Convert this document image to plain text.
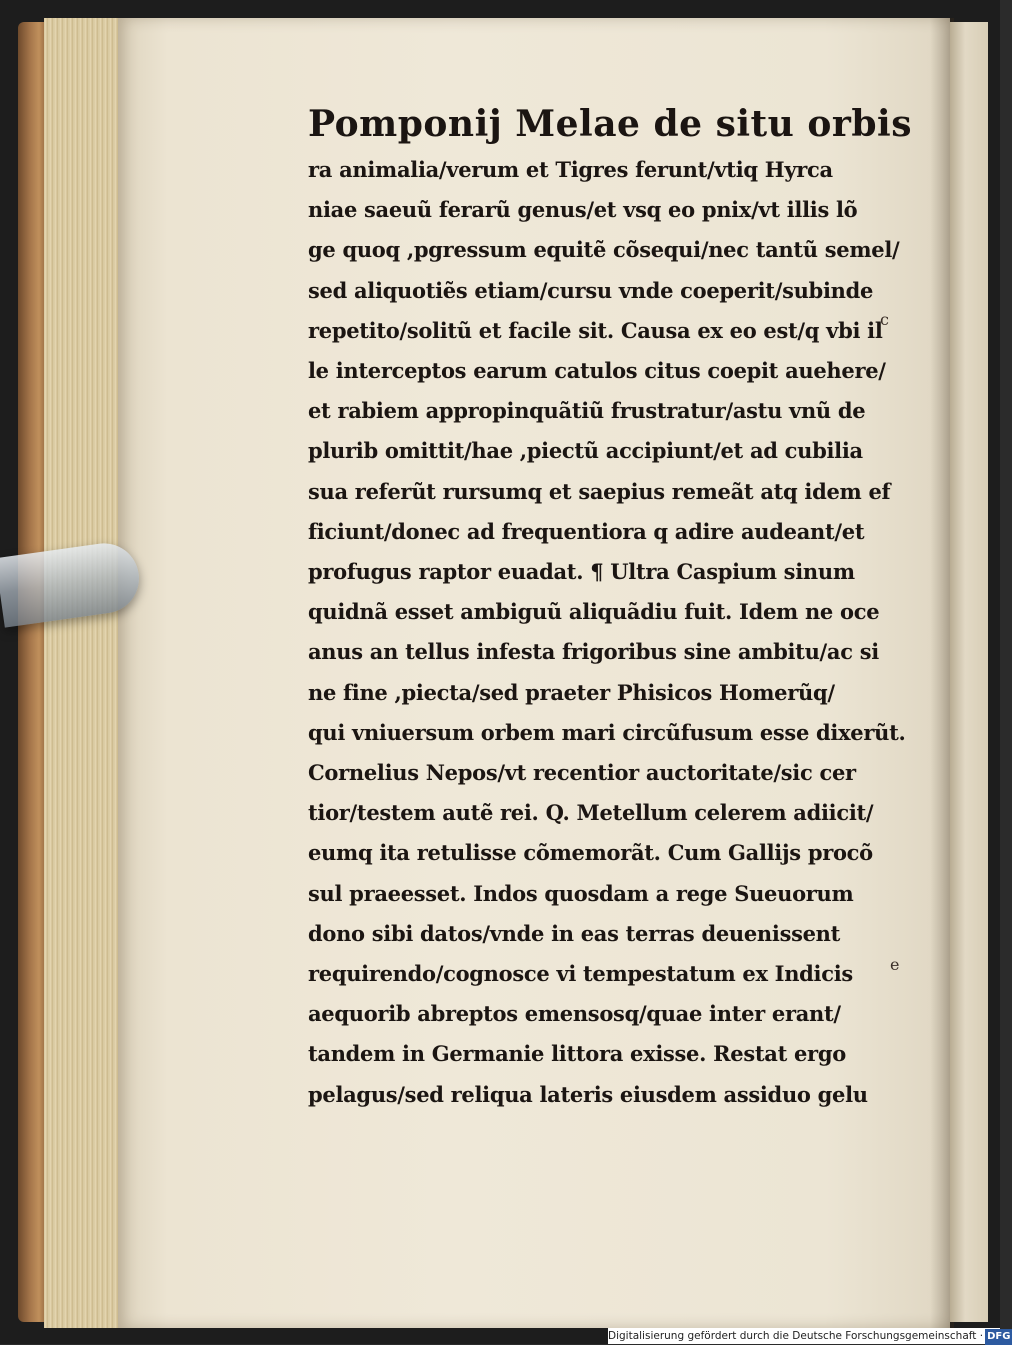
Pomponij Melae de situ orbis
ra animalia/verum et Tigres ferunt/vtiq Hyrca
niae saeuũ ferarũ genus/et vsq eo pnix/vt illis lõ
ge quoq ,pgressum equitẽ cõsequi/nec tantũ semel/
sed aliquotiẽs etiam/cursu vnde coeperit/subinde
repetito/solitũ et facile sit. Causa ex eo est/q vbi il
le interceptos earum catulos citus coepit auehere/
et rabiem appropinquãtiũ frustratur/astu vnũ de
plurib omittit/hae ,piectũ accipiunt/et ad cubilia
sua referũt rursumq et saepius remeãt atq idem ef
ficiunt/donec ad frequentiora q adire audeant/et
profugus raptor euadat. ¶ Ultra Caspium sinum
quidnã esset ambiguũ aliquãdiu fuit. Idem ne oce
anus an tellus infesta frigoribus sine ambitu/ac si
ne fine ,piecta/sed praeter Phisicos Homerũq/
qui vniuersum orbem mari circũfusum esse dixerũt.
Cornelius Nepos/vt recentior auctoritate/sic cer
tior/testem autẽ rei. Q. Metellum celerem adiicit/
eumq ita retulisse cõmemorãt. Cum Gallijs procõ
sul praeesset. Indos quosdam a rege Sueuorum
dono sibi datos/vnde in eas terras deuenissent
requirendo/cognosce vi tempestatum ex Indicis
aequorib abreptos emensosq/quae inter erant/
tandem in Germanie littora exisse. Restat ergo
pelagus/sed reliqua lateris eiusdem assiduo gelu
c
e
Digitalisierung gefördert durch die Deutsche Forschungsgemeinschaft · DFG
